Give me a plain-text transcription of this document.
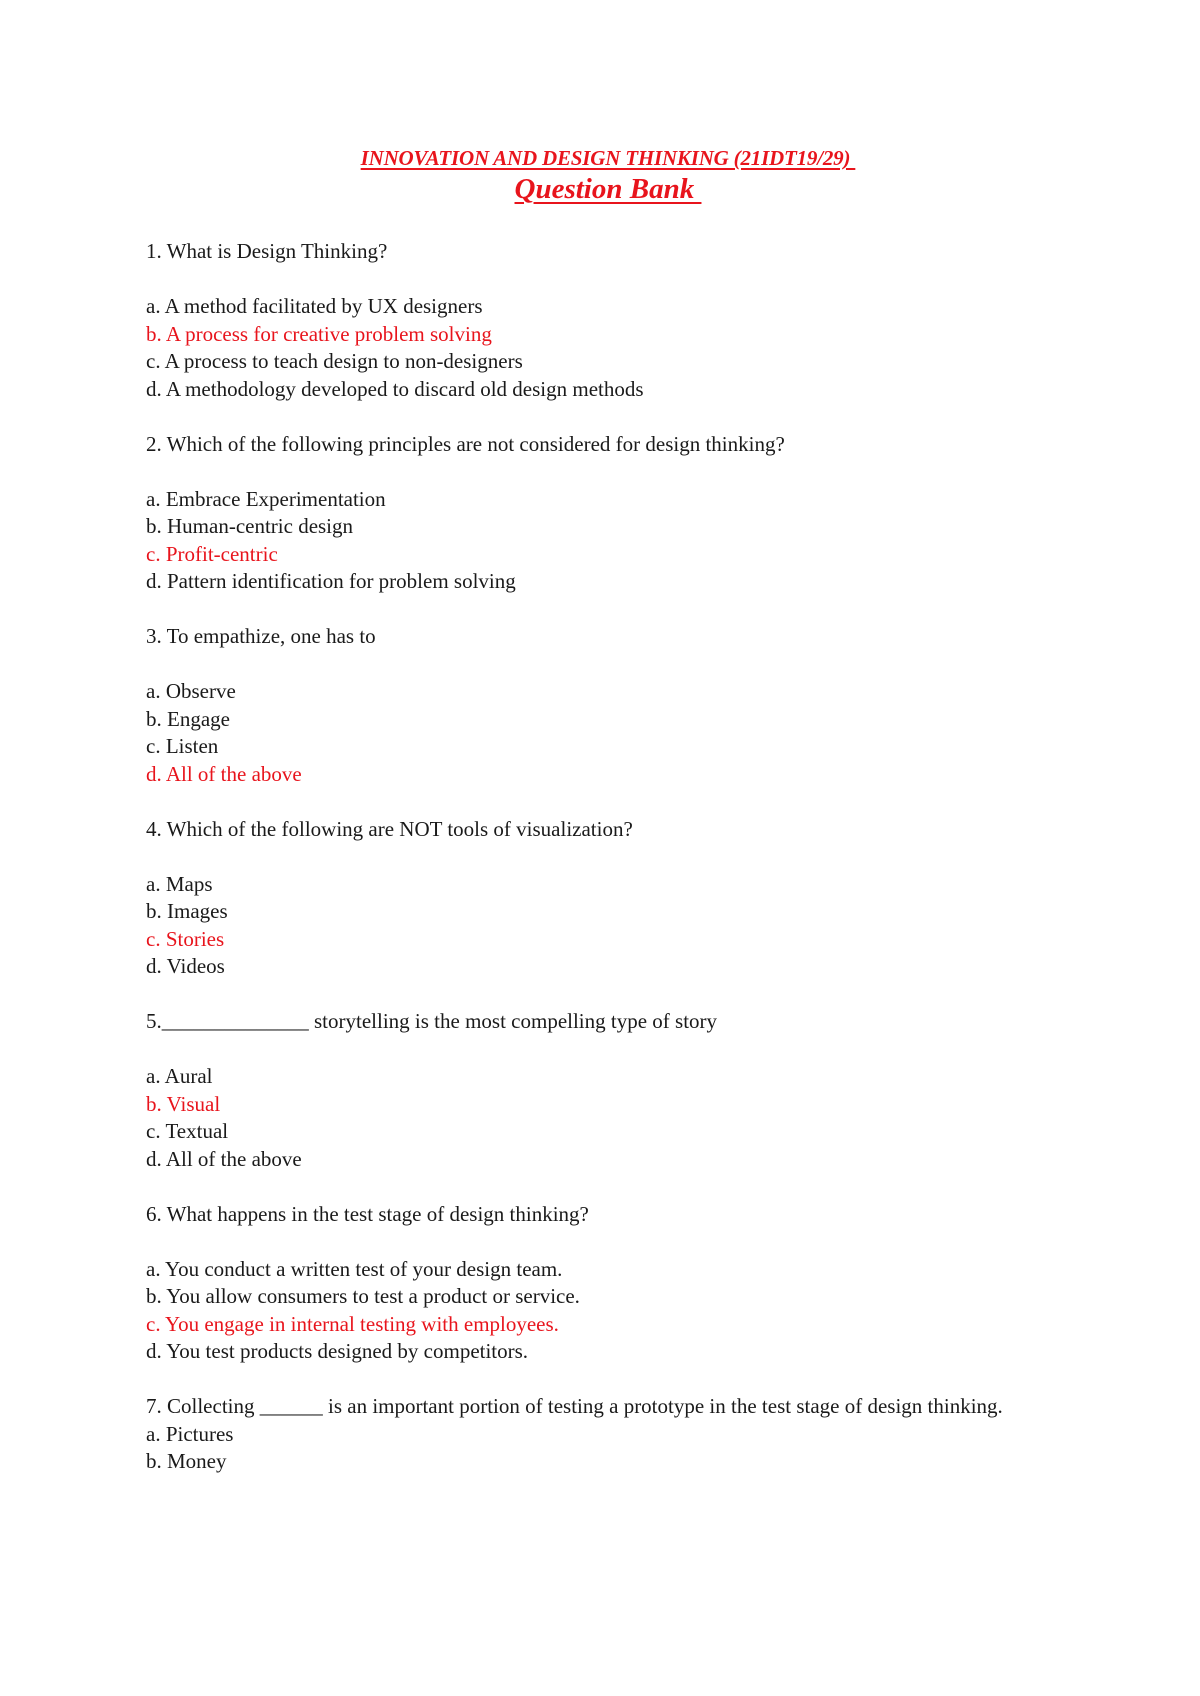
INNOVATION AND DESIGN THINKING (21IDT19/29)
Question Bank
1. What is Design Thinking?
a. A method facilitated by UX designers
b. A process for creative problem solving
c. A process to teach design to non-designers
d. A methodology developed to discard old design methods
2. Which of the following principles are not considered for design thinking?
a. Embrace Experimentation
b. Human-centric design
c. Profit-centric
d. Pattern identification for problem solving
3. To empathize, one has to
a. Observe
b. Engage
c. Listen
d. All of the above
4. Which of the following are NOT tools of visualization?
a. Maps
b. Images
c. Stories
d. Videos
5.______________ storytelling is the most compelling type of story
a. Aural
b. Visual
c. Textual
d. All of the above
6. What happens in the test stage of design thinking?
a. You conduct a written test of your design team.
b. You allow consumers to test a product or service.
c. You engage in internal testing with employees.
d. You test products designed by competitors.
7. Collecting ______ is an important portion of testing a prototype in the test stage of design thinking.
a. Pictures
b. Money
